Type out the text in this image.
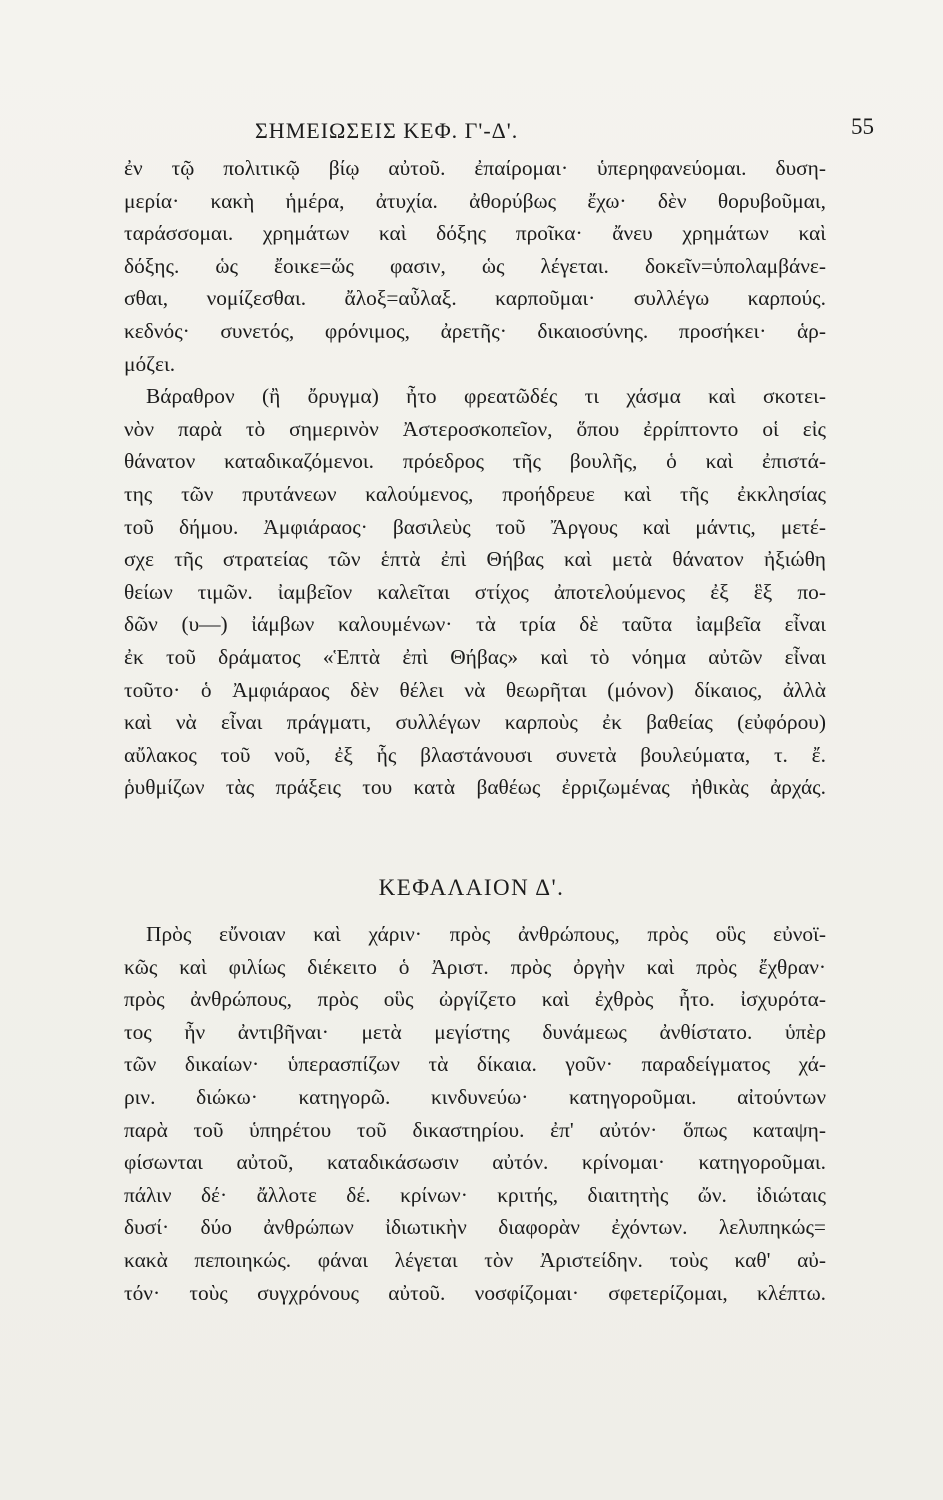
ΣΗΜΕΙΩΣΕΙΣ ΚΕΦ. Γ'-Δ'.	55
ἐν τῷ πολιτικῷ βίῳ αὐτοῦ. ἐπαίρομαι· ὑπερηφανεύομαι. δυση-
μερία· κακὴ ἡμέρα, ἀτυχία. ἀθορύβως ἔχω· δὲν θορυβοῦμαι,
ταράσσομαι. χρημάτων καὶ δόξης προῖκα· ἄνευ χρημάτων καὶ
δόξης. ὡς ἔοικε=ὥς φασιν, ὡς λέγεται. δοκεῖν=ὑπολαμβάνε-
σθαι, νομίζεσθαι. ἄλοξ=αὖλαξ. καρποῦμαι· συλλέγω καρπούς.
κεδνός· συνετός, φρόνιμος, ἀρετῆς· δικαιοσύνης. προσήκει· ἁρ-
μόζει.
Βάραθρον (ἢ ὄρυγμα) ἦτο φρεατῶδές τι χάσμα καὶ σκοτει-
νὸν παρὰ τὸ σημερινὸν Ἀστεροσκοπεῖον, ὅπου ἐρρίπτοντο οἱ εἰς
θάνατον καταδικαζόμενοι. πρόεδρος τῆς βουλῆς, ὁ καὶ ἐπιστά-
της τῶν πρυτάνεων καλούμενος, προήδρευε καὶ τῆς ἐκκλησίας
τοῦ δήμου. Ἀμφιάραος· βασιλεὺς τοῦ Ἄργους καὶ μάντις, μετέ-
σχε τῆς στρατείας τῶν ἑπτὰ ἐπὶ Θήβας καὶ μετὰ θάνατον ἠξιώθη
θείων τιμῶν. ἰαμβεῖον καλεῖται στίχος ἀποτελούμενος ἐξ ἓξ πο-
δῶν (υ—) ἰάμβων καλουμένων· τὰ τρία δὲ ταῦτα ἰαμβεῖα εἶναι
ἐκ τοῦ δράματος «Ἑπτὰ ἐπὶ Θήβας» καὶ τὸ νόημα αὐτῶν εἶναι
τοῦτο· ὁ Ἀμφιάραος δὲν θέλει νὰ θεωρῆται (μόνον) δίκαιος, ἀλλὰ
καὶ νὰ εἶναι πράγματι, συλλέγων καρποὺς ἐκ βαθείας (εὐφόρου)
αὔλακος τοῦ νοῦ, ἐξ ἧς βλαστάνουσι συνετὰ βουλεύματα, τ. ἔ.
ῥυθμίζων τὰς πράξεις του κατὰ βαθέως ἐρριζωμένας ἠθικὰς ἀρχάς.
ΚΕΦΑΛΑΙΟΝ Δ'.
Πρὸς εὔνοιαν καὶ χάριν· πρὸς ἀνθρώπους, πρὸς οὓς εὐνοϊ-
κῶς καὶ φιλίως διέκειτο ὁ Ἀριστ. πρὸς ὀργὴν καὶ πρὸς ἔχθραν·
πρὸς ἀνθρώπους, πρὸς οὓς ὠργίζετο καὶ ἐχθρὸς ἦτο. ἰσχυρότα-
τος ἦν ἀντιβῆναι· μετὰ μεγίστης δυνάμεως ἀνθίστατο. ὑπὲρ
τῶν δικαίων· ὑπερασπίζων τὰ δίκαια. γοῦν· παραδείγματος χά-
ριν. διώκω· κατηγορῶ. κινδυνεύω· κατηγοροῦμαι. αἰτούντων
παρὰ τοῦ ὑπηρέτου τοῦ δικαστηρίου. ἐπ' αὐτόν· ὅπως καταψη-
φίσωνται αὐτοῦ, καταδικάσωσιν αὐτόν. κρίνομαι· κατηγοροῦμαι.
πάλιν δέ· ἄλλοτε δέ. κρίνων· κριτής, διαιτητὴς ὤν. ἰδιώταις
δυσί· δύο ἀνθρώπων ἰδιωτικὴν διαφορὰν ἐχόντων. λελυπηκώς=
κακὰ πεποιηκώς. φάναι λέγεται τὸν Ἀριστείδην. τοὺς καθ' αὐ-
τόν· τοὺς συγχρόνους αὐτοῦ. νοσφίζομαι· σφετερίζομαι, κλέπτω.
